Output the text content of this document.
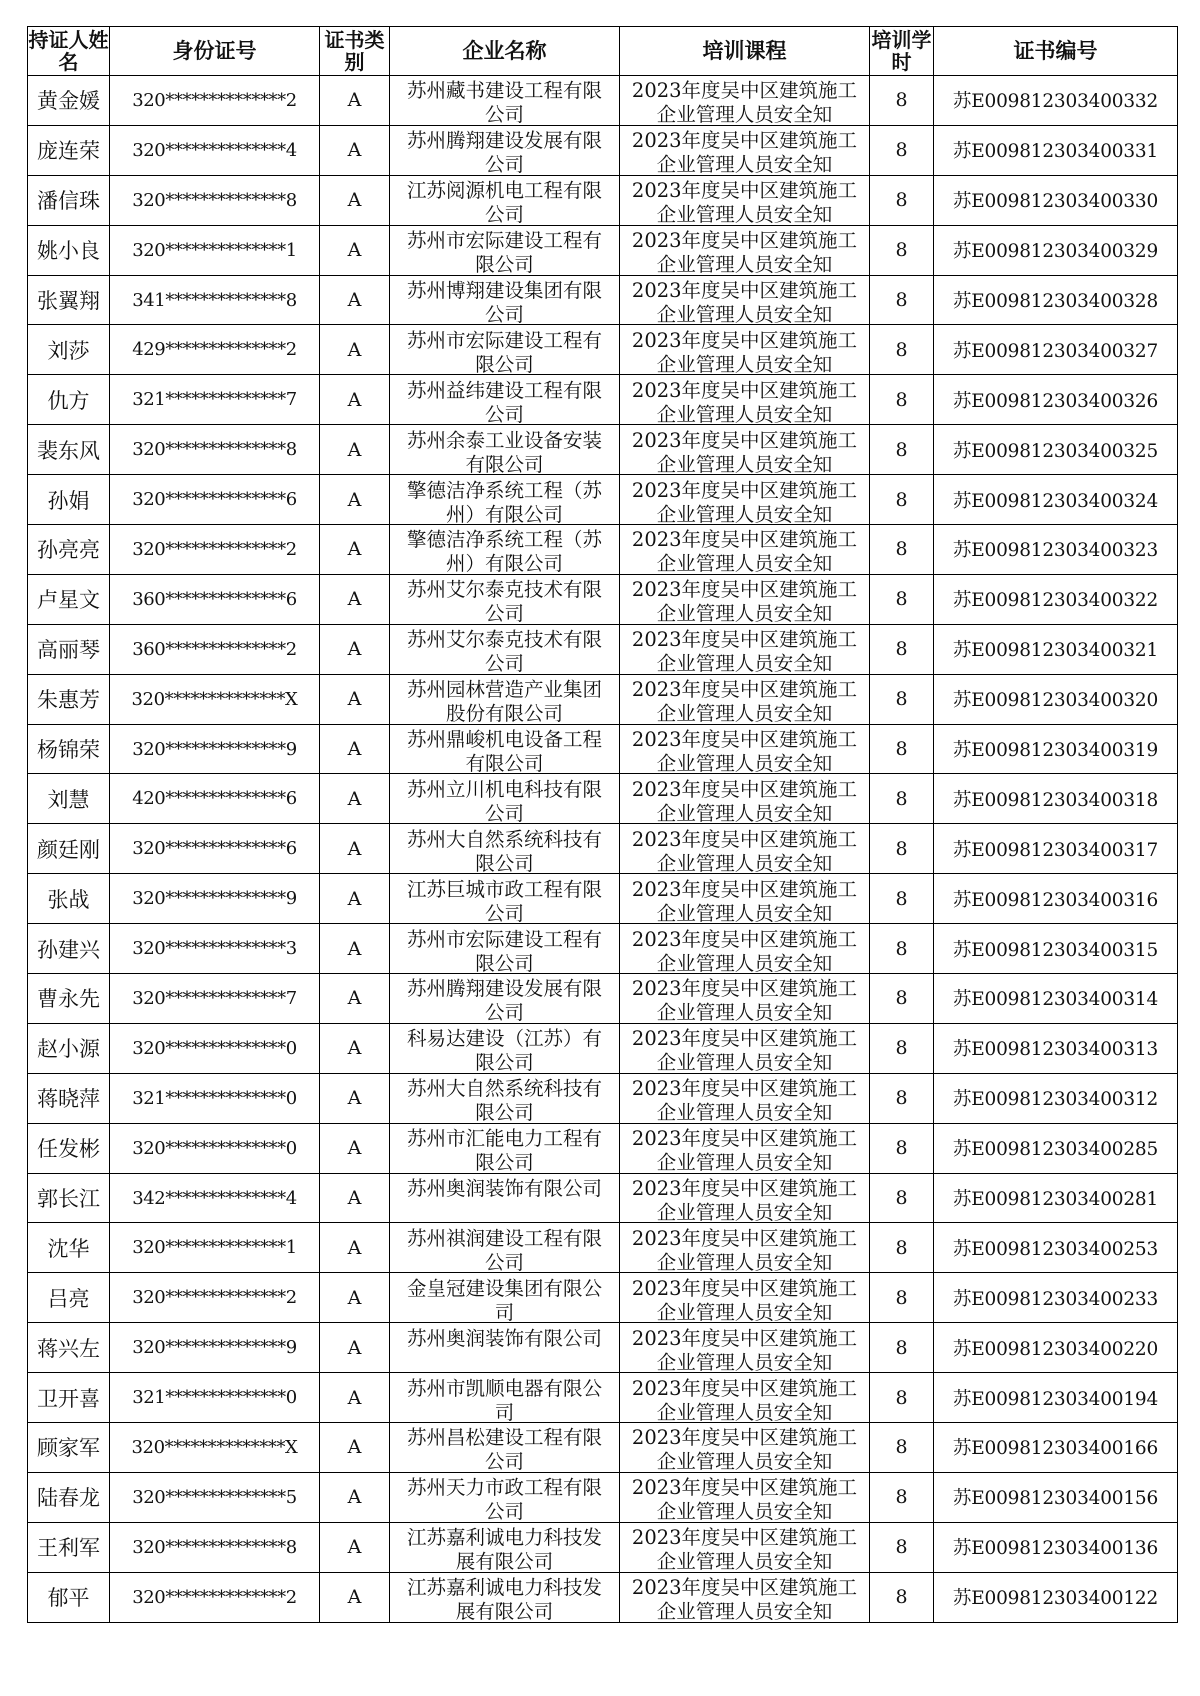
持证人姓名	身份证号	证书类别	企业名称	培训课程	培训学时	证书编号
黄金媛	320**************2	A	苏州藏书建设工程有限公司	2023年度吴中区建筑施工企业管理人员安全知	8	苏E009812303400332
庞连荣	320**************4	A	苏州腾翔建设发展有限公司	2023年度吴中区建筑施工企业管理人员安全知	8	苏E009812303400331
潘信珠	320**************8	A	江苏阅源机电工程有限公司	2023年度吴中区建筑施工企业管理人员安全知	8	苏E009812303400330
姚小良	320**************1	A	苏州市宏际建设工程有限公司	2023年度吴中区建筑施工企业管理人员安全知	8	苏E009812303400329
张翼翔	341**************8	A	苏州博翔建设集团有限公司	2023年度吴中区建筑施工企业管理人员安全知	8	苏E009812303400328
刘莎	429**************2	A	苏州市宏际建设工程有限公司	2023年度吴中区建筑施工企业管理人员安全知	8	苏E009812303400327
仇方	321**************7	A	苏州益纬建设工程有限公司	2023年度吴中区建筑施工企业管理人员安全知	8	苏E009812303400326
裴东风	320**************8	A	苏州余泰工业设备安装有限公司	2023年度吴中区建筑施工企业管理人员安全知	8	苏E009812303400325
孙娟	320**************6	A	擎德洁净系统工程（苏州）有限公司	2023年度吴中区建筑施工企业管理人员安全知	8	苏E009812303400324
孙亮亮	320**************2	A	擎德洁净系统工程（苏州）有限公司	2023年度吴中区建筑施工企业管理人员安全知	8	苏E009812303400323
卢星文	360**************6	A	苏州艾尔泰克技术有限公司	2023年度吴中区建筑施工企业管理人员安全知	8	苏E009812303400322
高丽琴	360**************2	A	苏州艾尔泰克技术有限公司	2023年度吴中区建筑施工企业管理人员安全知	8	苏E009812303400321
朱惠芳	320**************X	A	苏州园林营造产业集团股份有限公司	2023年度吴中区建筑施工企业管理人员安全知	8	苏E009812303400320
杨锦荣	320**************9	A	苏州鼎峻机电设备工程有限公司	2023年度吴中区建筑施工企业管理人员安全知	8	苏E009812303400319
刘慧	420**************6	A	苏州立川机电科技有限公司	2023年度吴中区建筑施工企业管理人员安全知	8	苏E009812303400318
颜廷刚	320**************6	A	苏州大自然系统科技有限公司	2023年度吴中区建筑施工企业管理人员安全知	8	苏E009812303400317
张战	320**************9	A	江苏巨城市政工程有限公司	2023年度吴中区建筑施工企业管理人员安全知	8	苏E009812303400316
孙建兴	320**************3	A	苏州市宏际建设工程有限公司	2023年度吴中区建筑施工企业管理人员安全知	8	苏E009812303400315
曹永先	320**************7	A	苏州腾翔建设发展有限公司	2023年度吴中区建筑施工企业管理人员安全知	8	苏E009812303400314
赵小源	320**************0	A	科易达建设（江苏）有限公司	2023年度吴中区建筑施工企业管理人员安全知	8	苏E009812303400313
蒋晓萍	321**************0	A	苏州大自然系统科技有限公司	2023年度吴中区建筑施工企业管理人员安全知	8	苏E009812303400312
任发彬	320**************0	A	苏州市汇能电力工程有限公司	2023年度吴中区建筑施工企业管理人员安全知	8	苏E009812303400285
郭长江	342**************4	A	苏州奥润装饰有限公司	2023年度吴中区建筑施工企业管理人员安全知	8	苏E009812303400281
沈华	320**************1	A	苏州祺润建设工程有限公司	2023年度吴中区建筑施工企业管理人员安全知	8	苏E009812303400253
吕亮	320**************2	A	金皇冠建设集团有限公司	2023年度吴中区建筑施工企业管理人员安全知	8	苏E009812303400233
蒋兴左	320**************9	A	苏州奥润装饰有限公司	2023年度吴中区建筑施工企业管理人员安全知	8	苏E009812303400220
卫开喜	321**************0	A	苏州市凯顺电器有限公司	2023年度吴中区建筑施工企业管理人员安全知	8	苏E009812303400194
顾家军	320**************X	A	苏州昌松建设工程有限公司	2023年度吴中区建筑施工企业管理人员安全知	8	苏E009812303400166
陆春龙	320**************5	A	苏州天力市政工程有限公司	2023年度吴中区建筑施工企业管理人员安全知	8	苏E009812303400156
王利军	320**************8	A	江苏嘉利诚电力科技发展有限公司	2023年度吴中区建筑施工企业管理人员安全知	8	苏E009812303400136
郁平	320**************2	A	江苏嘉利诚电力科技发展有限公司	2023年度吴中区建筑施工企业管理人员安全知	8	苏E009812303400122
